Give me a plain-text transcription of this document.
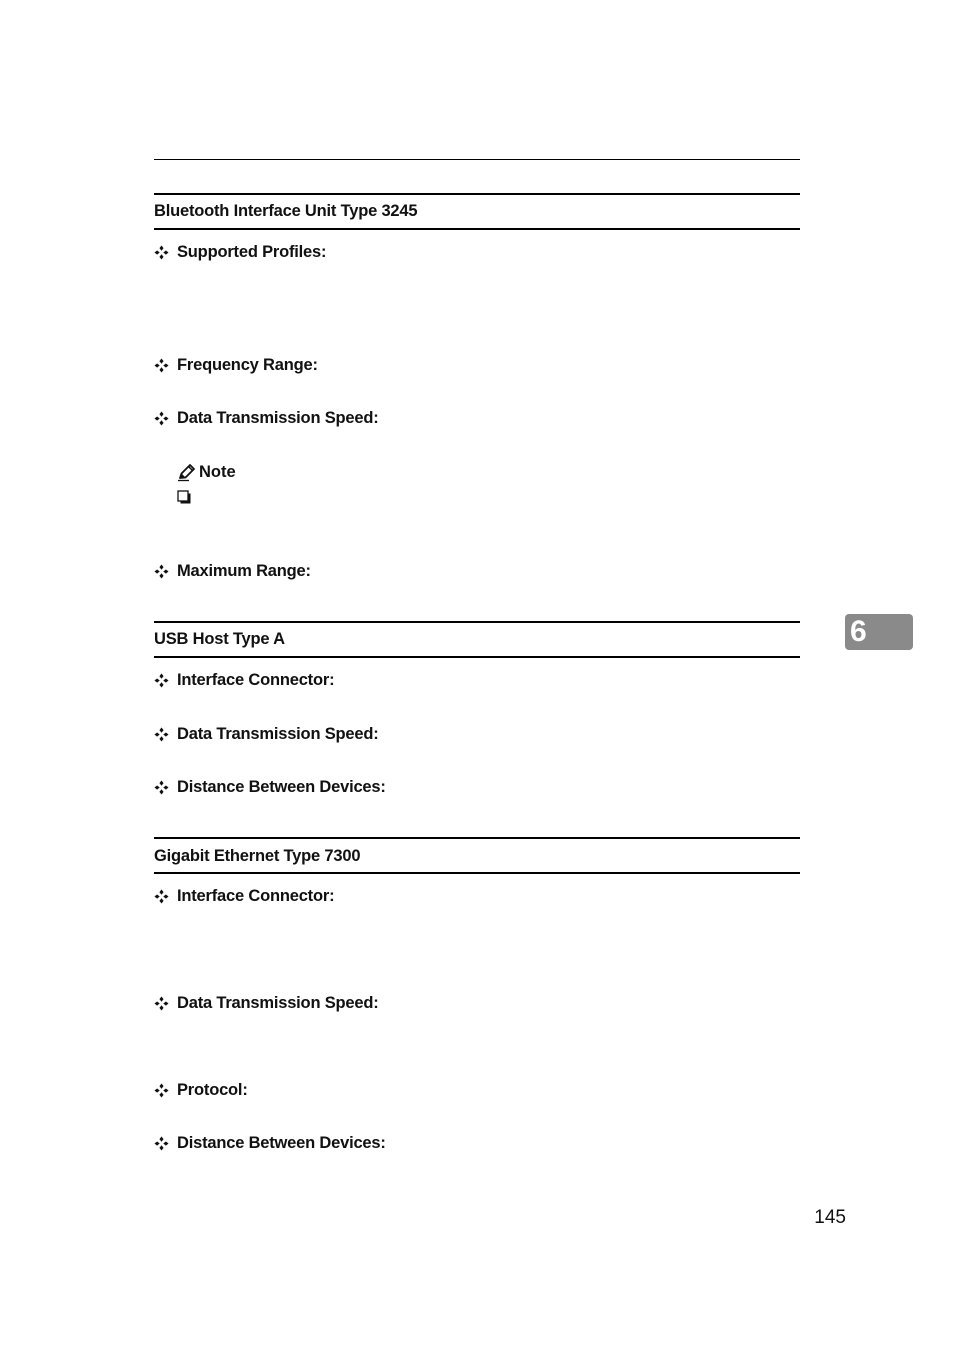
Bluetooth Interface Unit Type 3245
Supported Profiles:
Frequency Range:
Data Transmission Speed:
Note
Maximum Range:
USB Host Type A
Interface Connector:
Data Transmission Speed:
Distance Between Devices:
Gigabit Ethernet Type 7300
Interface Connector:
Data Transmission Speed:
Protocol:
Distance Between Devices:
6
145
